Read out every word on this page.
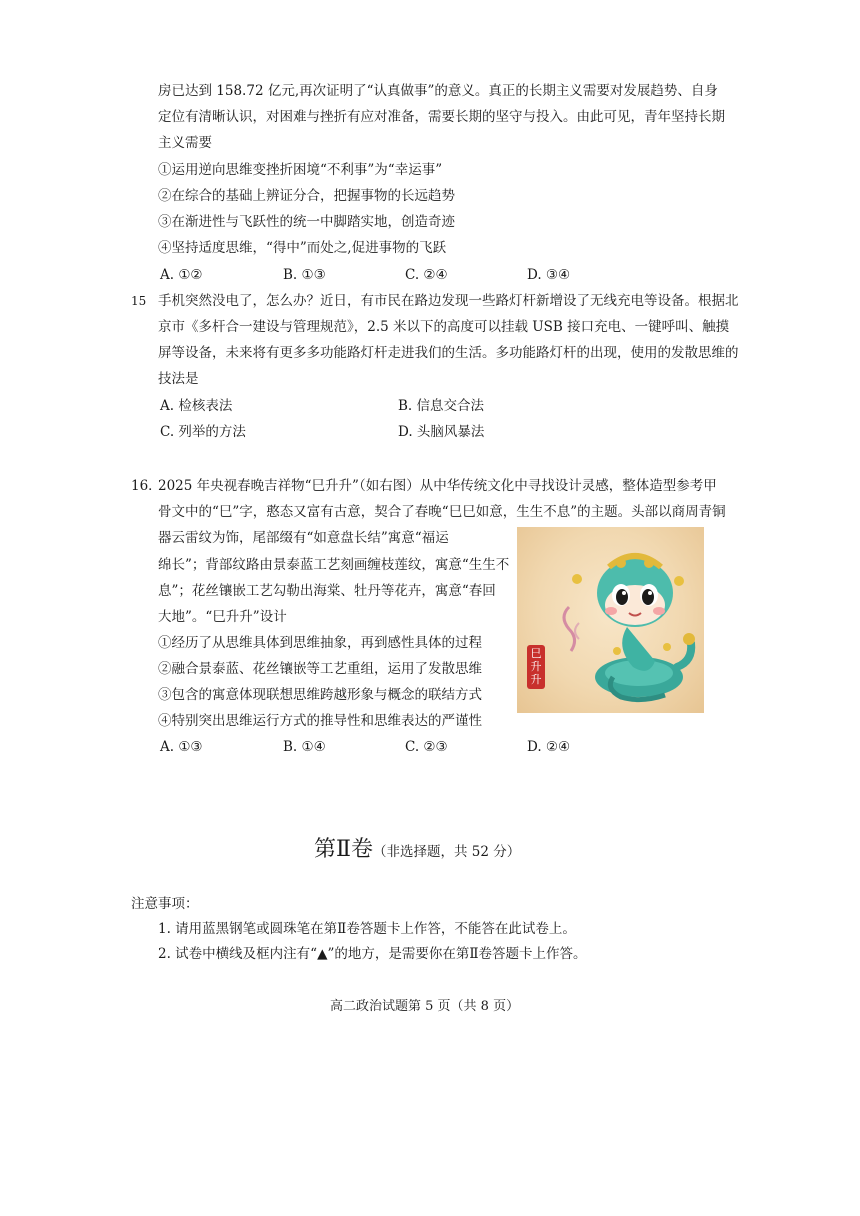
房已达到 158.72 亿元,再次证明了“认真做事”的意义。真正的长期主义需要对发展趋势、自身
定位有清晰认识，对困难与挫折有应对准备，需要长期的坚守与投入。由此可见，青年坚持长期
主义需要
①运用逆向思维变挫折困境“不利事”为“幸运事”
②在综合的基础上辨证分合，把握事物的长远趋势
③在渐进性与飞跃性的统一中脚踏实地，创造奇迹
④坚持适度思维，“得中”而处之,促进事物的飞跃
A. ①②	B. ①③	C. ②④	D. ③④
15 手机突然没电了，怎么办？近日，有市民在路边发现一些路灯杆新增设了无线充电等设备。根据北
京市《多杆合一建设与管理规范》，2.5 米以下的高度可以挂载 USB 接口充电、一键呼叫、触摸
屏等设备，未来将有更多多功能路灯杆走进我们的生活。多功能路灯杆的出现，使用的发散思维的
技法是
A. 检核表法	B. 信息交合法
C. 列举的方法	D. 头脑风暴法
16．
2025 年央视春晚吉祥物“巳升升”（如右图）从中华传统文化中寻找设计灵感，整体造型参考甲
骨文中的“巳”字，憨态又富有古意，契合了春晚“巳巳如意，生生不息”的主题。头部以商周青铜
器云雷纹为饰，尾部缀有“如意盘长结”寓意“福运
绵长”；背部纹路由景泰蓝工艺刻画缠枝莲纹，寓意“生生不
息”；花丝镶嵌工艺勾勒出海棠、牡丹等花卉，寓意“春回
大地”。“巳升升”设计
①经历了从思维具体到思维抽象，再到感性具体的过程
②融合景泰蓝、花丝镶嵌等工艺重组，运用了发散思维
③包含的寓意体现联想思维跨越形象与概念的联结方式
④特别突出思维运行方式的推导性和思维表达的严谨性
A. ①③	B. ①④	C. ②③	D. ②④
巳升升
第Ⅱ卷（非选择题，共 52 分）
注意事项：
1. 请用蓝黑钢笔或圆珠笔在第Ⅱ卷答题卡上作答，不能答在此试卷上。
2. 试卷中横线及框内注有“▲”的地方，是需要你在第Ⅱ卷答题卡上作答。
高二政治试题第 5 页（共 8 页）
